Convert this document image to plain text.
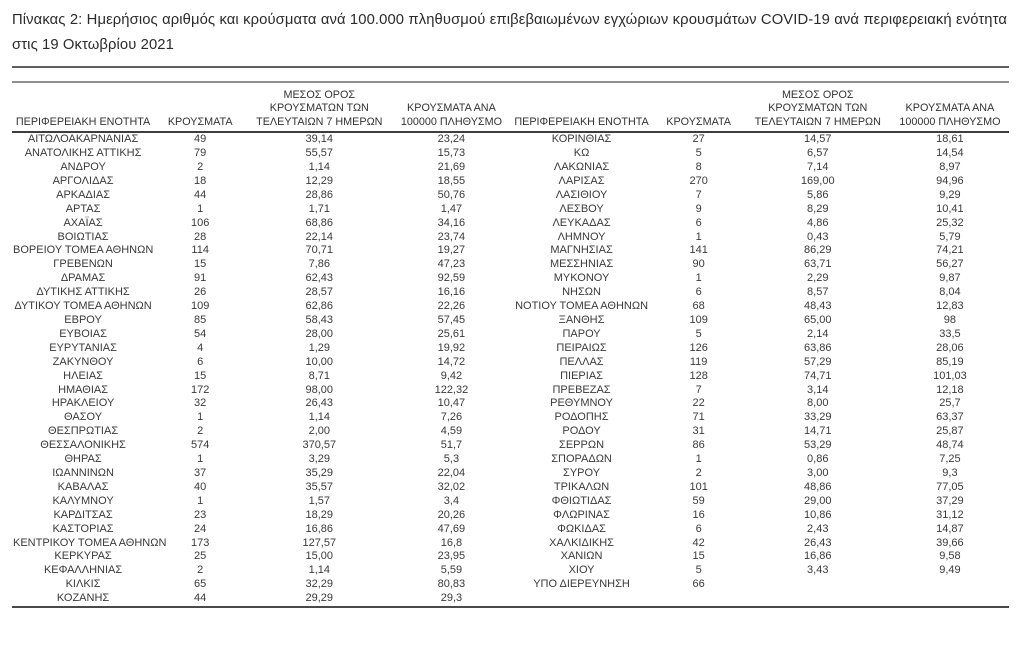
Πίνακας 2: Ημερήσιος αριθμός και κρούσματα ανά 100.000 πληθυσμού επιβεβαιωμένων εγχώριων κρουσμάτων COVID-19 ανά περιφερειακή ενότητα στις 19 Οκτωβρίου 2021
ΠΕΡΙΦΕΡΕΙΑΚΗ ΕΝΟΤΗΤΑ	ΚΡΟΥΣΜΑΤΑ	ΜΕΣΟΣ ΟΡΟΣ ΚΡΟΥΣΜΑΤΩΝ ΤΩΝ ΤΕΛΕΥΤΑΙΩΝ 7 ΗΜΕΡΩΝ	ΚΡΟΥΣΜΑΤΑ ΑΝΑ 100000 ΠΛΗΘΥΣΜΟ	ΠΕΡΙΦΕΡΕΙΑΚΗ ΕΝΟΤΗΤΑ	ΚΡΟΥΣΜΑΤΑ	ΜΕΣΟΣ ΟΡΟΣ ΚΡΟΥΣΜΑΤΩΝ ΤΩΝ ΤΕΛΕΥΤΑΙΩΝ 7 ΗΜΕΡΩΝ	ΚΡΟΥΣΜΑΤΑ ΑΝΑ 100000 ΠΛΗΘΥΣΜΟ
ΑΙΤΩΛΟΑΚΑΡΝΑΝΙΑΣ	49	39,14	23,24	ΚΟΡΙΝΘΙΑΣ	27	14,57	18,61
ΑΝΑΤΟΛΙΚΗΣ ΑΤΤΙΚΗΣ	79	55,57	15,73	ΚΩ	5	6,57	14,54
ΑΝΔΡΟΥ	2	1,14	21,69	ΛΑΚΩΝΙΑΣ	8	7,14	8,97
ΑΡΓΟΛΙΔΑΣ	18	12,29	18,55	ΛΑΡΙΣΑΣ	270	169,00	94,96
ΑΡΚΑΔΙΑΣ	44	28,86	50,76	ΛΑΣΙΘΙΟΥ	7	5,86	9,29
ΑΡΤΑΣ	1	1,71	1,47	ΛΕΣΒΟΥ	9	8,29	10,41
ΑΧΑΪΑΣ	106	68,86	34,16	ΛΕΥΚΑΔΑΣ	6	4,86	25,32
ΒΟΙΩΤΙΑΣ	28	22,14	23,74	ΛΗΜΝΟΥ	1	0,43	5,79
ΒΟΡΕΙΟΥ ΤΟΜΕΑ ΑΘΗΝΩΝ	114	70,71	19,27	ΜΑΓΝΗΣΙΑΣ	141	86,29	74,21
ΓΡΕΒΕΝΩΝ	15	7,86	47,23	ΜΕΣΣΗΝΙΑΣ	90	63,71	56,27
ΔΡΑΜΑΣ	91	62,43	92,59	ΜΥΚΟΝΟΥ	1	2,29	9,87
ΔΥΤΙΚΗΣ ΑΤΤΙΚΗΣ	26	28,57	16,16	ΝΗΣΩΝ	6	8,57	8,04
ΔΥΤΙΚΟΥ ΤΟΜΕΑ ΑΘΗΝΩΝ	109	62,86	22,26	ΝΟΤΙΟΥ ΤΟΜΕΑ ΑΘΗΝΩΝ	68	48,43	12,83
ΕΒΡΟΥ	85	58,43	57,45	ΞΑΝΘΗΣ	109	65,00	98
ΕΥΒΟΙΑΣ	54	28,00	25,61	ΠΑΡΟΥ	5	2,14	33,5
ΕΥΡΥΤΑΝΙΑΣ	4	1,29	19,92	ΠΕΙΡΑΙΩΣ	126	63,86	28,06
ΖΑΚΥΝΘΟΥ	6	10,00	14,72	ΠΕΛΛΑΣ	119	57,29	85,19
ΗΛΕΙΑΣ	15	8,71	9,42	ΠΙΕΡΙΑΣ	128	74,71	101,03
ΗΜΑΘΙΑΣ	172	98,00	122,32	ΠΡΕΒΕΖΑΣ	7	3,14	12,18
ΗΡΑΚΛΕΙΟΥ	32	26,43	10,47	ΡΕΘΥΜΝΟΥ	22	8,00	25,7
ΘΑΣΟΥ	1	1,14	7,26	ΡΟΔΟΠΗΣ	71	33,29	63,37
ΘΕΣΠΡΩΤΙΑΣ	2	2,00	4,59	ΡΟΔΟΥ	31	14,71	25,87
ΘΕΣΣΑΛΟΝΙΚΗΣ	574	370,57	51,7	ΣΕΡΡΩΝ	86	53,29	48,74
ΘΗΡΑΣ	1	3,29	5,3	ΣΠΟΡΑΔΩΝ	1	0,86	7,25
ΙΩΑΝΝΙΝΩΝ	37	35,29	22,04	ΣΥΡΟΥ	2	3,00	9,3
ΚΑΒΑΛΑΣ	40	35,57	32,02	ΤΡΙΚΑΛΩΝ	101	48,86	77,05
ΚΑΛΥΜΝΟΥ	1	1,57	3,4	ΦΘΙΩΤΙΔΑΣ	59	29,00	37,29
ΚΑΡΔΙΤΣΑΣ	23	18,29	20,26	ΦΛΩΡΙΝΑΣ	16	10,86	31,12
ΚΑΣΤΟΡΙΑΣ	24	16,86	47,69	ΦΩΚΙΔΑΣ	6	2,43	14,87
ΚΕΝΤΡΙΚΟΥ ΤΟΜΕΑ ΑΘΗΝΩΝ	173	127,57	16,8	ΧΑΛΚΙΔΙΚΗΣ	42	26,43	39,66
ΚΕΡΚΥΡΑΣ	25	15,00	23,95	ΧΑΝΙΩΝ	15	16,86	9,58
ΚΕΦΑΛΛΗΝΙΑΣ	2	1,14	5,59	ΧΙΟΥ	5	3,43	9,49
ΚΙΛΚΙΣ	65	32,29	80,83	ΥΠΟ ΔΙΕΡΕΥΝΗΣΗ	66		
ΚΟΖΑΝΗΣ	44	29,29	29,3				
